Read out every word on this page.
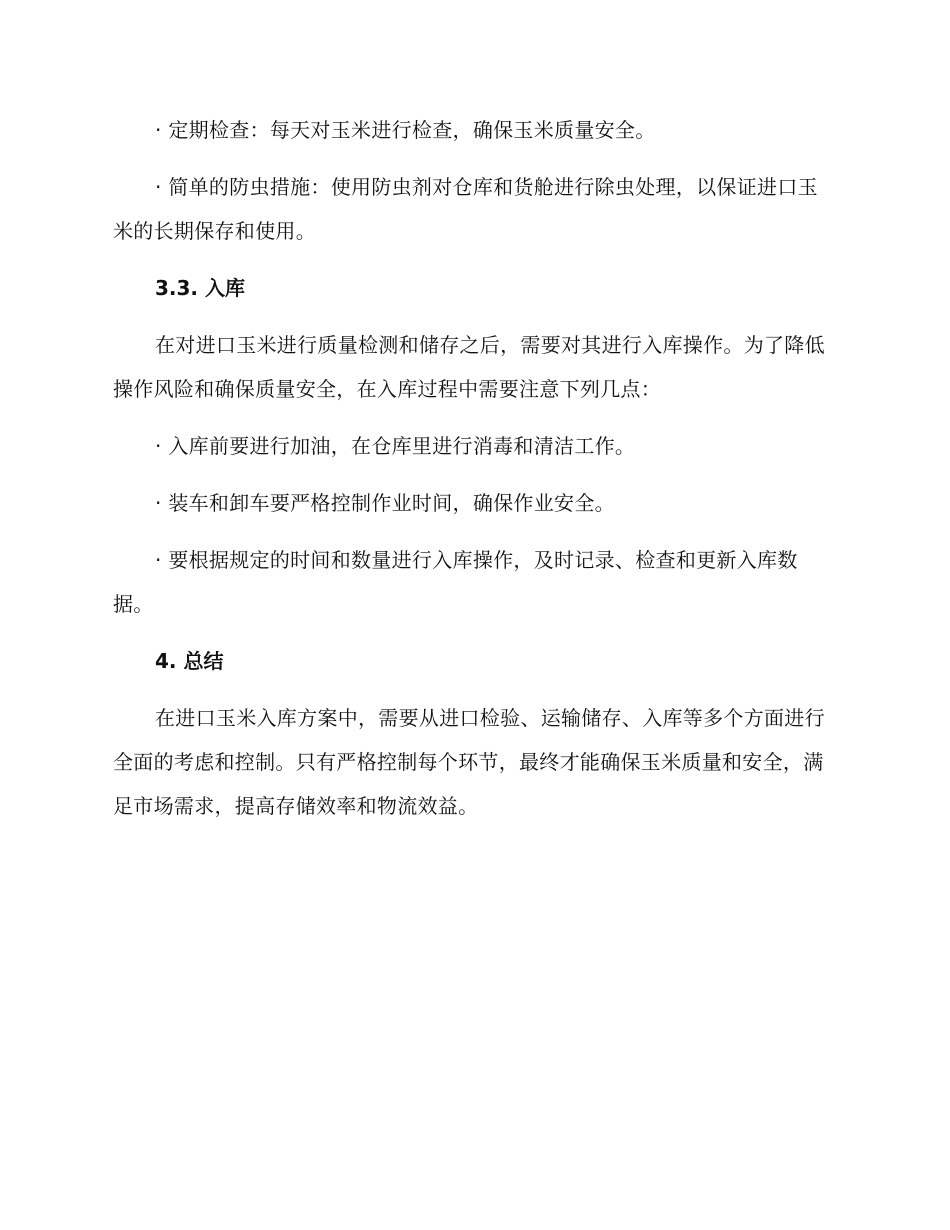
· 定期检查：每天对玉米进行检查，确保玉米质量安全。

· 简单的防虫措施：使用防虫剂对仓库和货舱进行除虫处理，以保证进口玉米的长期保存和使用。

3.3. 入库

在对进口玉米进行质量检测和储存之后，需要对其进行入库操作。为了降低操作风险和确保质量安全，在入库过程中需要注意下列几点：

· 入库前要进行加油，在仓库里进行消毒和清洁工作。

· 装车和卸车要严格控制作业时间，确保作业安全。

· 要根据规定的时间和数量进行入库操作，及时记录、检查和更新入库数据。

4. 总结

在进口玉米入库方案中，需要从进口检验、运输储存、入库等多个方面进行全面的考虑和控制。只有严格控制每个环节，最终才能确保玉米质量和安全，满足市场需求，提高存储效率和物流效益。
